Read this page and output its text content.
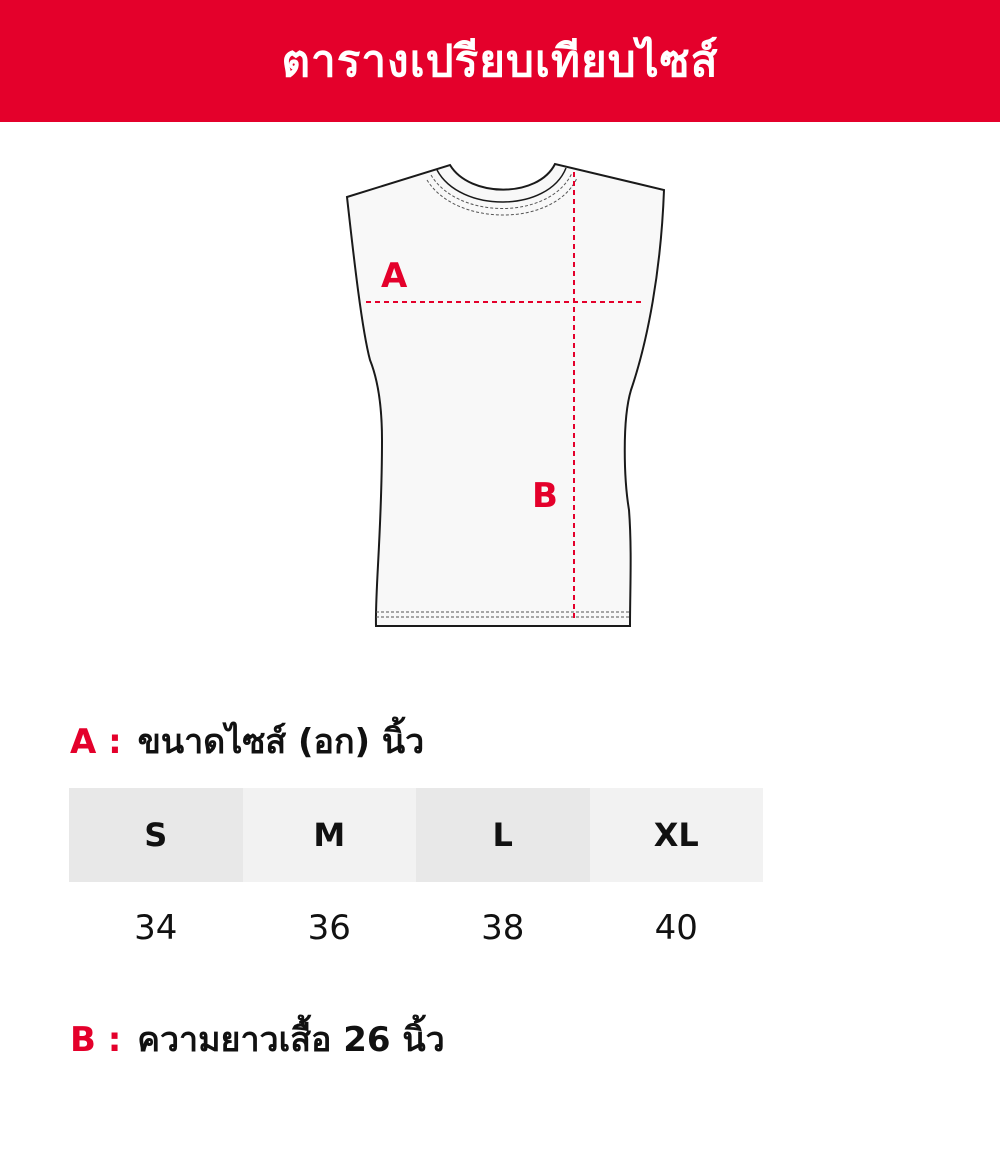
ตารางเปรียบเทียบไซส์
A
B
A : ขนาดไซส์ (อก) นิ้ว
S	M	L	XL
34	36	38	40
B : ความยาวเสื้อ 26 นิ้ว
